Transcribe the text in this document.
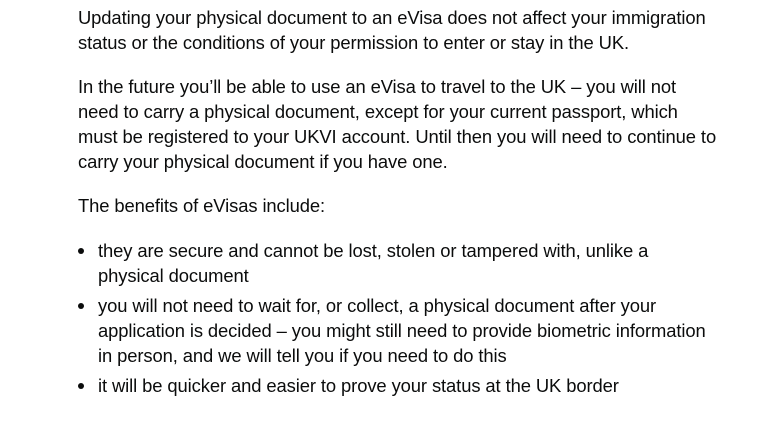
Updating your physical document to an eVisa does not affect your immigration status or the conditions of your permission to enter or stay in the UK.

In the future you’ll be able to use an eVisa to travel to the UK – you will not need to carry a physical document, except for your current passport, which must be registered to your UKVI account. Until then you will need to continue to carry your physical document if you have one.

The benefits of eVisas include:

they are secure and cannot be lost, stolen or tampered with, unlike a physical document
you will not need to wait for, or collect, a physical document after your application is decided – you might still need to provide biometric information in person, and we will tell you if you need to do this
it will be quicker and easier to prove your status at the UK border
